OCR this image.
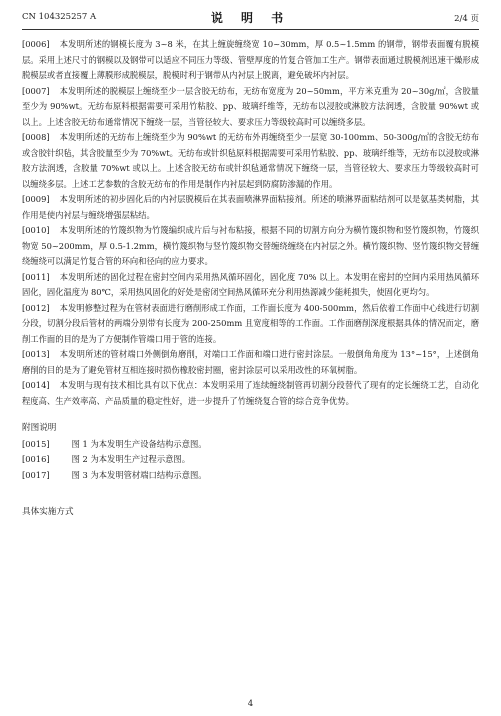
CN 104325257 A	说 明 书	2/4 页
[0006] 本发明所述的钢模长度为 3~8 米，在其上缠旋缠绕宽 10~30mm，厚 0.5~1.5mm 的钢带，钢带表面覆有脱模层。采用上述尺寸的钢模以及钢带可以适应不同压力等级、管壁厚度的竹复合管加工生产。钢带表面通过脱模剂迅速干燥形成脱模层或者直接覆上薄膜形成脱模层，脱模时利于钢带从内衬层上脱离，避免破坏内衬层。
[0007] 本发明所述的脱模层上缠绕至少一层含胶无纺布，无纺布宽度为 20~50mm，平方米克重为 20~30g/㎡，含胶量至少为 90%wt。无纺布原料根据需要可采用竹粘胶、pp、玻璃纤维等，无纺布以浸胶或淋胶方法润透，含胶量 90%wt 或以上。上述含胶无纺布通常情况下缠绕一层，当管径较大、要求压力等级较高时可以缠绕多层。
[0008] 本发明所述的无纺布上缠绕至少为 90%wt 的无纺布外再缠绕至少一层宽 30-100mm、50-300g/㎡的含胶无纺布或含胶针织毡，其含胶量至少为 70%wt。无纺布或针织毡原料根据需要可采用竹粘胶、pp、玻璃纤维等，无纺布以浸胶或淋胶方法润透，含胶量 70%wt 或以上。上述含胶无纺布或针织毡通常情况下缠绕一层，当管径较大、要求压力等级较高时可以缠绕多层。上述工艺参数的含胶无纺布的作用是制作内衬层起到防腐防渗漏的作用。
[0009] 本发明所述的初步固化后的内衬层脱模后在其表面喷淋界面粘接剂。所述的喷淋界面粘结剂可以是氨基类树脂，其作用是使内衬层与缠绕增强层粘结。
[0010] 本发明所述的竹篾织物为竹篾编织成片后与衬布粘接，根据不同的切割方向分为横竹篾织物和竖竹篾织物，竹篾织物宽 50~200mm，厚 0.5-1.2mm，横竹篾织物与竖竹篾织物交替缠绕缠绕在内衬层之外。横竹篾织物、竖竹篾织物交替缠绕缠绕可以满足竹复合管的环向和径向的应力要求。
[0011] 本发明所述的固化过程在密封空间内采用热风循环固化，固化度 70% 以上。本发明在密封的空间内采用热风循环固化，固化温度为 80℃，采用热风固化的好处是密闭空间热风循环充分利用热源减少能耗损失，使固化更均匀。
[0012] 本发明修整过程为在管材表面进行磨削形成工作面，工作面长度为 400-500mm，然后依着工作面中心线进行切割分段，切割分段后管材的两端分别带有长度为 200-250mm 且宽度相等的工作面。工作面磨削深度根据具体的情况而定，磨削工作面的目的是为了方便制作管端口用于管的连接。
[0013] 本发明所述的管材端口外侧倒角磨削，对端口工作面和端口进行密封涂层。一般倒角角度为 13°~15°，上述倒角磨削的目的是为了避免管材互相连接时损伤橡胶密封圈，密封涂层可以采用改性的环氧树脂。
[0014] 本发明与现有技术相比具有以下优点：本发明采用了连续缠绕制管再切割分段替代了现有的定长缠绕工艺，自动化程度高、生产效率高、产品质量的稳定性好，进一步提升了竹缠绕复合管的综合竞争优势。
附图说明
[0015]	图 1 为本发明生产设备结构示意图。
[0016]	图 2 为本发明生产过程示意图。
[0017]	图 3 为本发明管材端口结构示意图。
具体实施方式
4
